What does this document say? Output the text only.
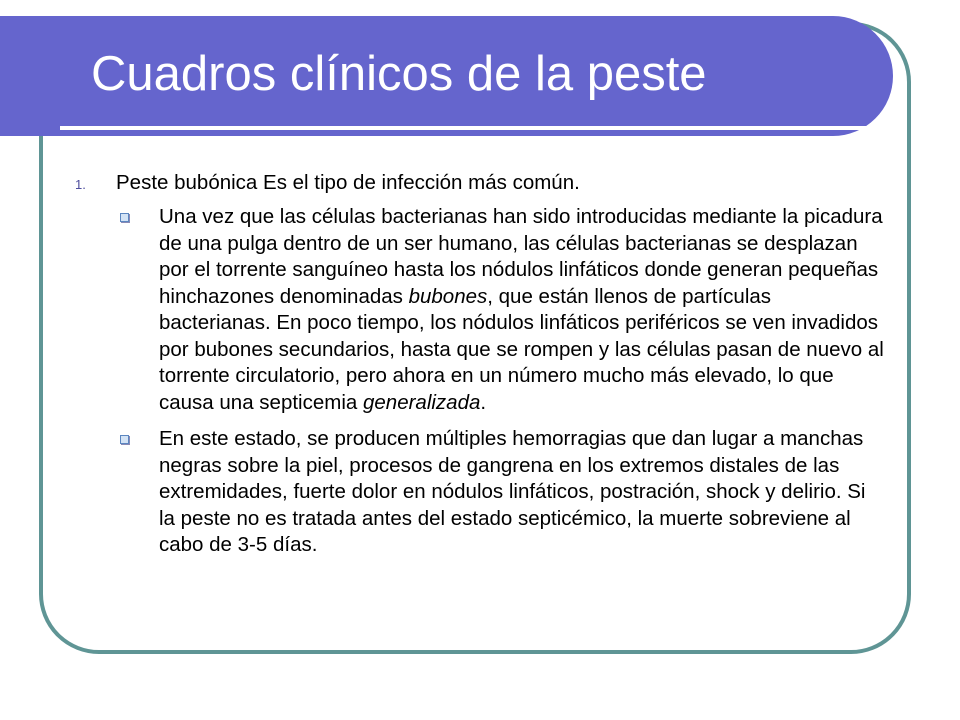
Cuadros clínicos de la peste
1. Peste bubónica Es el tipo de infección más común.
Una vez que las células bacterianas han sido introducidas mediante la picadura de una pulga dentro de un ser humano, las células bacterianas se desplazan por el torrente sanguíneo hasta los nódulos linfáticos donde generan pequeñas hinchazones denominadas bubones, que están llenos de partículas bacterianas. En poco tiempo, los nódulos linfáticos periféricos se ven invadidos por bubones secundarios, hasta que se rompen y las células pasan de nuevo al torrente circulatorio, pero ahora en un número mucho más elevado, lo que causa una septicemia generalizada.
En este estado, se producen múltiples hemorragias que dan lugar a manchas negras sobre la piel, procesos de gangrena en los extremos distales de las extremidades, fuerte dolor en nódulos linfáticos, postración, shock y delirio. Si la peste no es tratada antes del estado septicémico, la muerte sobreviene al cabo de 3-5 días.
